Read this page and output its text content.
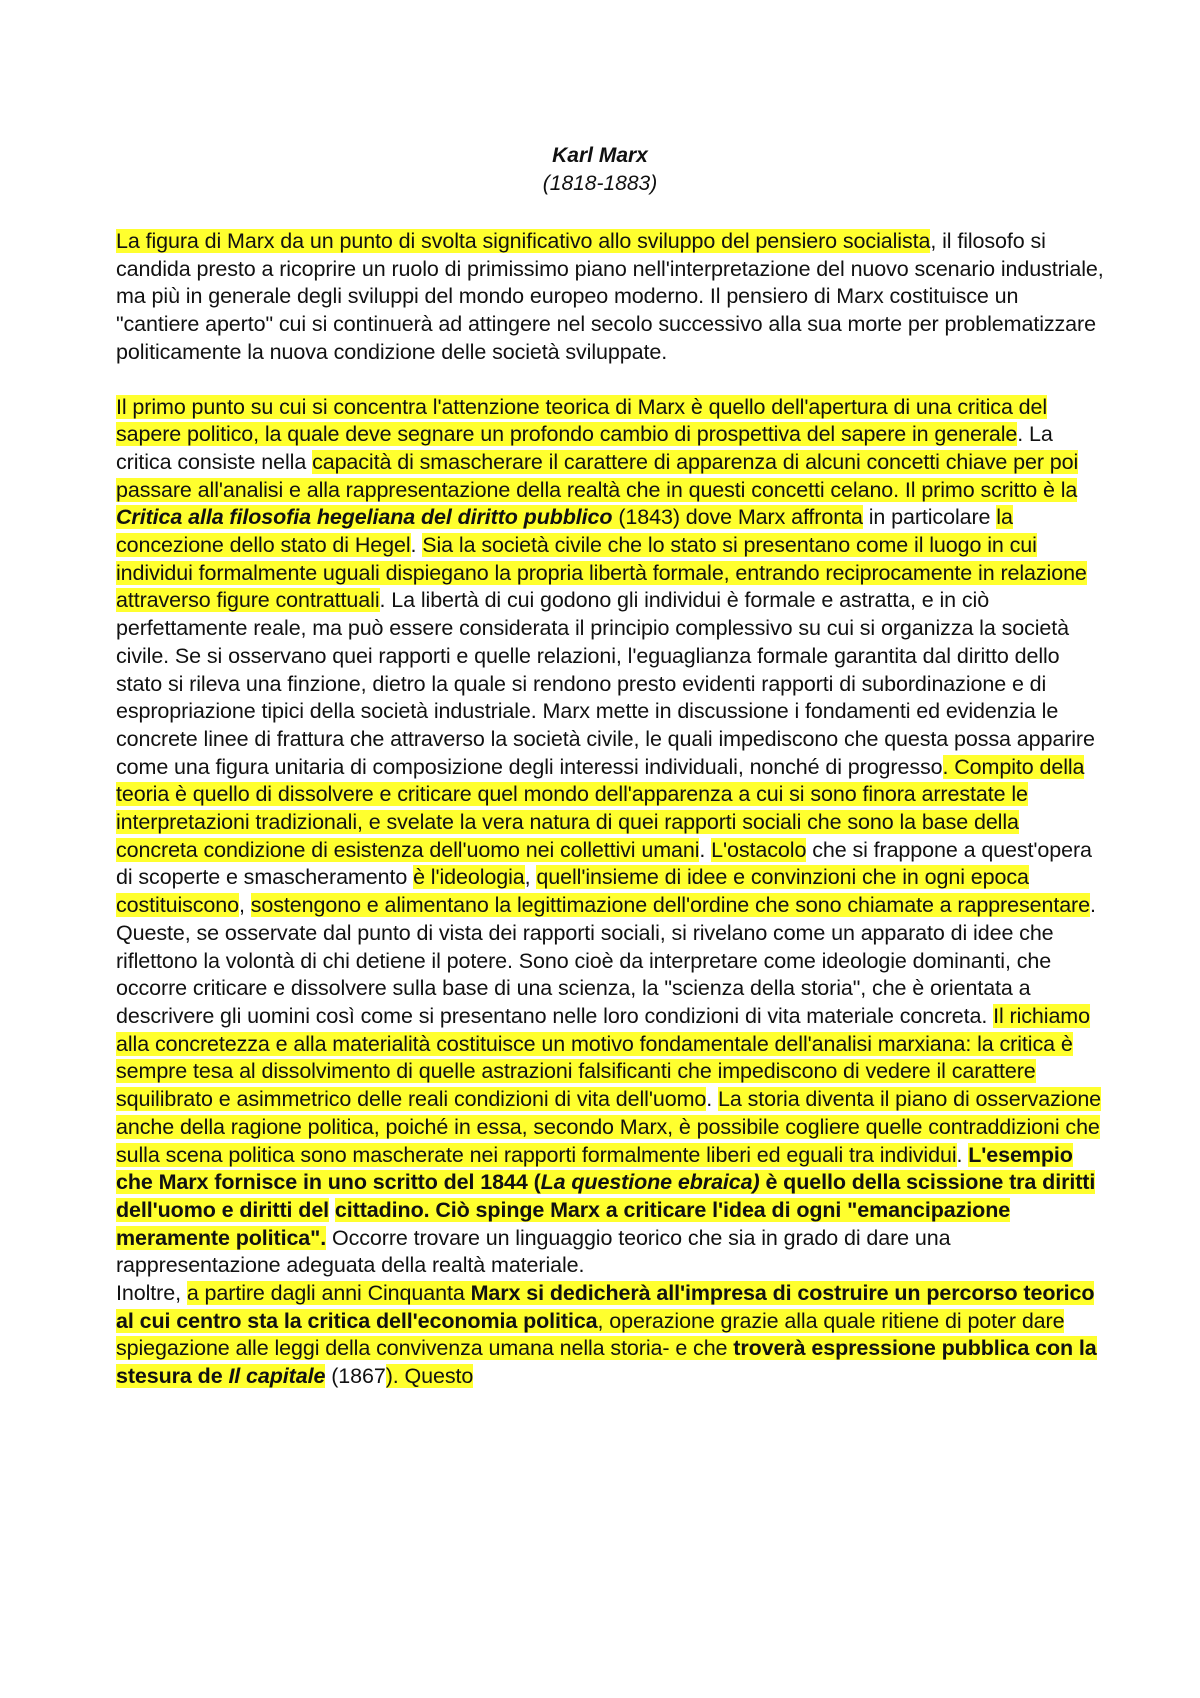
Karl Marx

(1818-1883)

La figura di Marx da un punto di svolta significativo allo sviluppo del pensiero socialista, il filosofo si candida presto a ricoprire un ruolo di primissimo piano nell'interpretazione del nuovo scenario industriale, ma più in generale degli sviluppi del mondo europeo moderno. Il pensiero di Marx costituisce un "cantiere aperto" cui si continuerà ad attingere nel secolo successivo alla sua morte per problematizzare politicamente la nuova condizione delle società sviluppate.

Il primo punto su cui si concentra l'attenzione teorica di Marx è quello dell'apertura di una critica del sapere politico, la quale deve segnare un profondo cambio di prospettiva del sapere in generale. La critica consiste nella capacità di smascherare il carattere di apparenza di alcuni concetti chiave per poi passare all'analisi e alla rappresentazione della realtà che in questi concetti celano. Il primo scritto è la Critica alla filosofia hegeliana del diritto pubblico (1843) dove Marx affronta in particolare la concezione dello stato di Hegel. Sia la società civile che lo stato si presentano come il luogo in cui individui formalmente uguali dispiegano la propria libertà formale, entrando reciprocamente in relazione attraverso figure contrattuali. La libertà di cui godono gli individui è formale e astratta, e in ciò perfettamente reale, ma può essere considerata il principio complessivo su cui si organizza la società civile. Se si osservano quei rapporti e quelle relazioni, l'eguaglianza formale garantita dal diritto dello stato si rileva una finzione, dietro la quale si rendono presto evidenti rapporti di subordinazione e di espropriazione tipici della società industriale. Marx mette in discussione i fondamenti ed evidenzia le concrete linee di frattura che attraverso la società civile, le quali impediscono che questa possa apparire come una figura unitaria di composizione degli interessi individuali, nonché di progresso. Compito della teoria è quello di dissolvere e criticare quel mondo dell'apparenza a cui si sono finora arrestate le interpretazioni tradizionali, e svelate la vera natura di quei rapporti sociali che sono la base della concreta condizione di esistenza dell'uomo nei collettivi umani. L'ostacolo che si frappone a quest'opera di scoperte e smascheramento è l'ideologia, quell'insieme di idee e convinzioni che in ogni epoca costituiscono, sostengono e alimentano la legittimazione dell'ordine che sono chiamate a rappresentare. Queste, se osservate dal punto di vista dei rapporti sociali, si rivelano come un apparato di idee che riflettono la volontà di chi detiene il potere. Sono cioè da interpretare come ideologie dominanti, che occorre criticare e dissolvere sulla base di una scienza, la "scienza della storia", che è orientata a descrivere gli uomini così come si presentano nelle loro condizioni di vita materiale concreta. Il richiamo alla concretezza e alla materialità costituisce un motivo fondamentale dell'analisi marxiana: la critica è sempre tesa al dissolvimento di quelle astrazioni falsificanti che impediscono di vedere il carattere squilibrato e asimmetrico delle reali condizioni di vita dell'uomo. La storia diventa il piano di osservazione anche della ragione politica, poiché in essa, secondo Marx, è possibile cogliere quelle contraddizioni che sulla scena politica sono mascherate nei rapporti formalmente liberi ed eguali tra individui. L'esempio che Marx fornisce in uno scritto del 1844 (La questione ebraica) è quello della scissione tra diritti dell'uomo e diritti del cittadino. Ciò spinge Marx a criticare l'idea di ogni "emancipazione meramente politica". Occorre trovare un linguaggio teorico che sia in grado di dare una rappresentazione adeguata della realtà materiale.

Inoltre, a partire dagli anni Cinquanta Marx si dedicherà all'impresa di costruire un percorso teorico al cui centro sta la critica dell'economia politica, operazione grazie alla quale ritiene di poter dare spiegazione alle leggi della convivenza umana nella storia- e che troverà espressione pubblica con la stesura de Il capitale (1867). Questo
